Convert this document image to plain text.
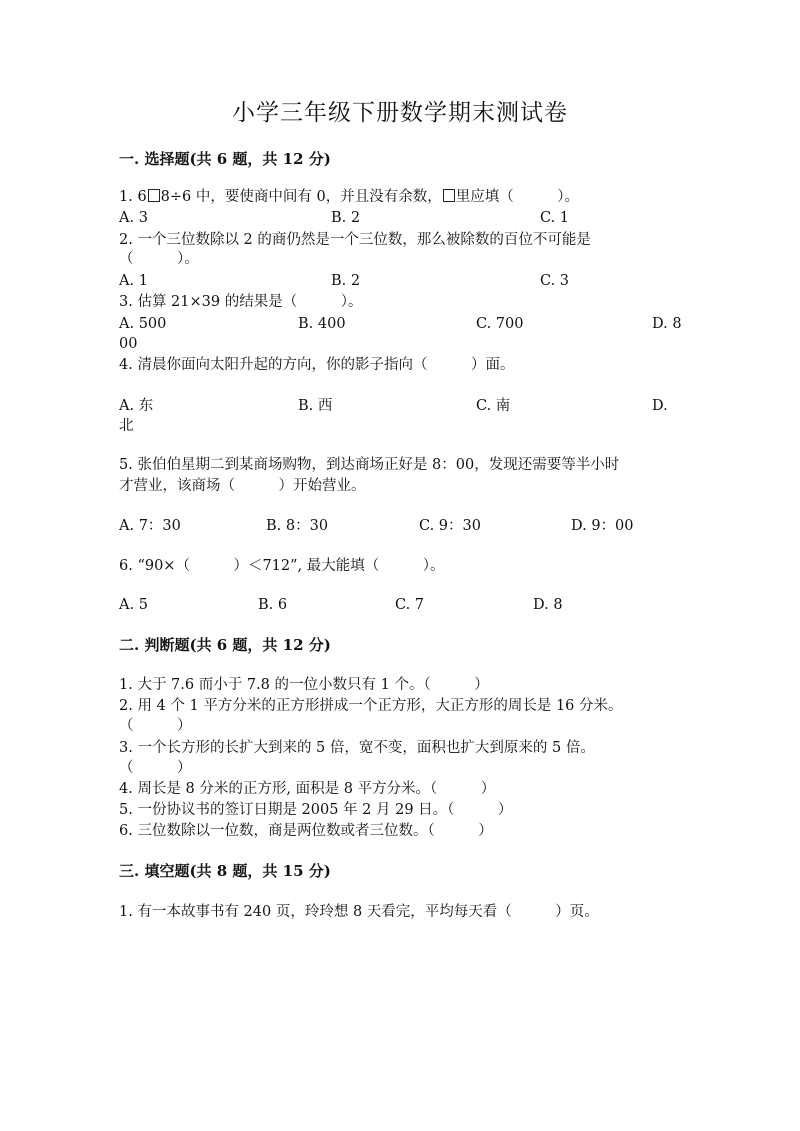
小学三年级下册数学期末测试卷
一. 选择题(共 6 题，共 12 分)
1. 6 8÷6 中，要使商中间有 0，并且没有余数， 里应填（　　　）。
A. 3	B. 2	C. 1
2. 一个三位数除以 2 的商仍然是一个三位数，那么被除数的百位不可能是
（　　　）。
A. 1	B. 2	C. 3
3. 估算 21×39 的结果是（　　　）。
A. 500	B. 400	C. 700	D. 8
00
4. 清晨你面向太阳升起的方向，你的影子指向（　　　）面。
A. 东	B. 西	C. 南	D.
北
5. 张伯伯星期二到某商场购物，到达商场正好是 8：00，发现还需要等半小时
才营业，该商场（　　　）开始营业。
A. 7：30	B. 8：30	C. 9：30	D. 9：00
6. “90×（　　　）＜712”, 最大能填（　　　）。
A. 5	B. 6	C. 7	D. 8
二. 判断题(共 6 题，共 12 分)
1. 大于 7.6 而小于 7.8 的一位小数只有 1 个。（　　　）
2. 用 4 个 1 平方分米的正方形拼成一个正方形，大正方形的周长是 16 分米。
（　　　）
3. 一个长方形的长扩大到来的 5 倍，宽不变，面积也扩大到原来的 5 倍。
（　　　）
4. 周长是 8 分米的正方形, 面积是 8 平方分米。（　　　）
5. 一份协议书的签订日期是 2005 年 2 月 29 日。（　　　）
6. 三位数除以一位数，商是两位数或者三位数。（　　　）
三. 填空题(共 8 题，共 15 分)
1. 有一本故事书有 240 页，玲玲想 8 天看完，平均每天看（　　　）页。
